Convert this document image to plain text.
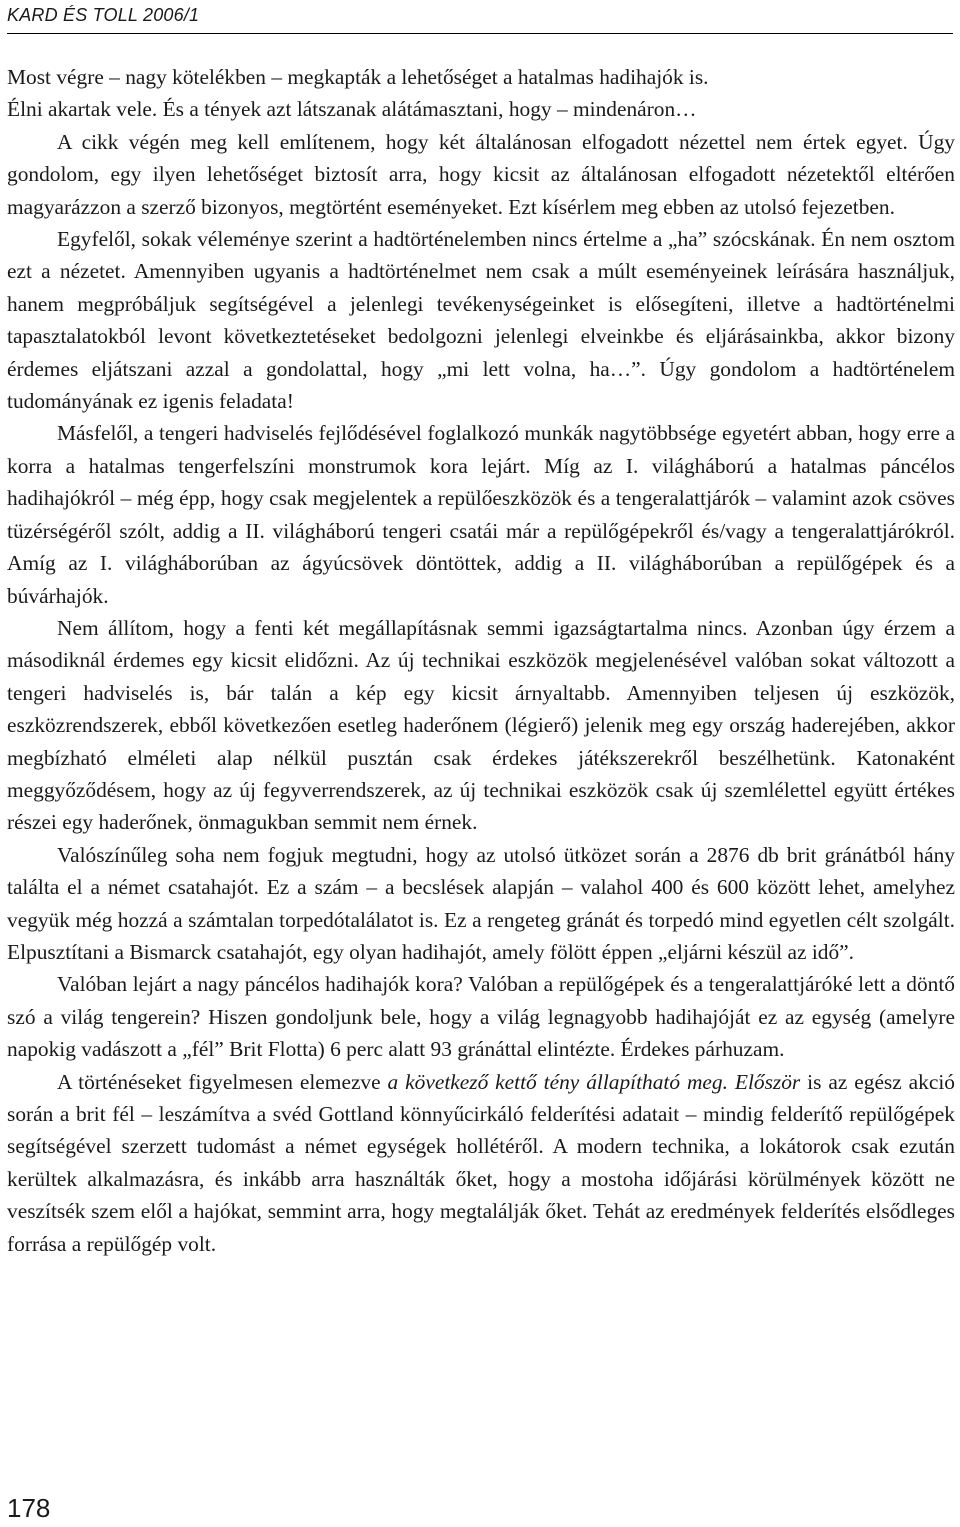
KARD ÉS TOLL 2006/1

Most végre – nagy kötelékben – megkapták a lehetőséget a hatalmas hadihajók is.

Élni akartak vele. És a tények azt látszanak alátámasztani, hogy – mindenáron…

A cikk végén meg kell említenem, hogy két általánosan elfogadott nézettel nem értek egyet. Úgy gondolom, egy ilyen lehetőséget biztosít arra, hogy kicsit az általánosan elfogadott nézetektől eltérően magyarázzon a szerző bizonyos, megtörtént eseményeket. Ezt kísérlem meg ebben az utolsó fejezetben.

Egyfelől, sokak véleménye szerint a hadtörténelemben nincs értelme a „ha” szócskának. Én nem osztom ezt a nézetet. Amennyiben ugyanis a hadtörténelmet nem csak a múlt eseményeinek leírására használjuk, hanem megpróbáljuk segítségével a jelenlegi tevékenységeinket is elősegíteni, illetve a hadtörténelmi tapasztalatokból levont következtetéseket bedolgozni jelenlegi elveinkbe és eljárásainkba, akkor bizony érdemes eljátszani azzal a gondolattal, hogy „mi lett volna, ha…”. Úgy gondolom a hadtörténelem tudományának ez igenis feladata!

Másfelől, a tengeri hadviselés fejlődésével foglalkozó munkák nagytöbbsége egyetért abban, hogy erre a korra a hatalmas tengerfelszíni monstrumok kora lejárt. Míg az I. világháború a hatalmas páncélos hadihajókról – még épp, hogy csak megjelentek a repülőeszközök és a tengeralattjárók – valamint azok csöves tüzérségéről szólt, addig a II. világháború tengeri csatái már a repülőgépekről és/vagy a tengeralattjárókról. Amíg az I. világháborúban az ágyúcsövek döntöttek, addig a II. világháborúban a repülőgépek és a búvárhajók.

Nem állítom, hogy a fenti két megállapításnak semmi igazságtartalma nincs. Azonban úgy érzem a másodiknál érdemes egy kicsit elidőzni. Az új technikai eszközök megjelenésével valóban sokat változott a tengeri hadviselés is, bár talán a kép egy kicsit árnyaltabb. Amennyiben teljesen új eszközök, eszközrendszerek, ebből következően esetleg haderőnem (légierő) jelenik meg egy ország haderejében, akkor megbízható elméleti alap nélkül pusztán csak érdekes játékszerekről beszélhetünk. Katonaként meggyőződésem, hogy az új fegyverrendszerek, az új technikai eszközök csak új szemlélettel együtt értékes részei egy haderőnek, önmagukban semmit nem érnek.

Valószínűleg soha nem fogjuk megtudni, hogy az utolsó ütközet során a 2876 db brit gránátból hány találta el a német csatahajót. Ez a szám – a becslések alapján – valahol 400 és 600 között lehet, amelyhez vegyük még hozzá a számtalan torpedótalálatot is. Ez a rengeteg gránát és torpedó mind egyetlen célt szolgált. Elpusztítani a Bismarck csatahajót, egy olyan hadihajót, amely fölött éppen „eljárni készül az idő”.

Valóban lejárt a nagy páncélos hadihajók kora? Valóban a repülőgépek és a tengeralattjáróké lett a döntő szó a világ tengerein? Hiszen gondoljunk bele, hogy a világ legnagyobb hadihajóját ez az egység (amelyre napokig vadászott a „fél” Brit Flotta) 6 perc alatt 93 gránáttal elintézte. Érdekes párhuzam.

A történéseket figyelmesen elemezve a következő kettő tény állapítható meg. Először is az egész akció során a brit fél – leszámítva a svéd Gottland könnyűcirkáló felderítési adatait – mindig felderítő repülőgépek segítségével szerzett tudomást a német egységek hollétéről. A modern technika, a lokátorok csak ezután kerültek alkalmazásra, és inkább arra használták őket, hogy a mostoha időjárási körülmények között ne veszítsék szem elől a hajókat, semmint arra, hogy megtalálják őket. Tehát az eredmények felderítés elsődleges forrása a repülőgép volt.

178
